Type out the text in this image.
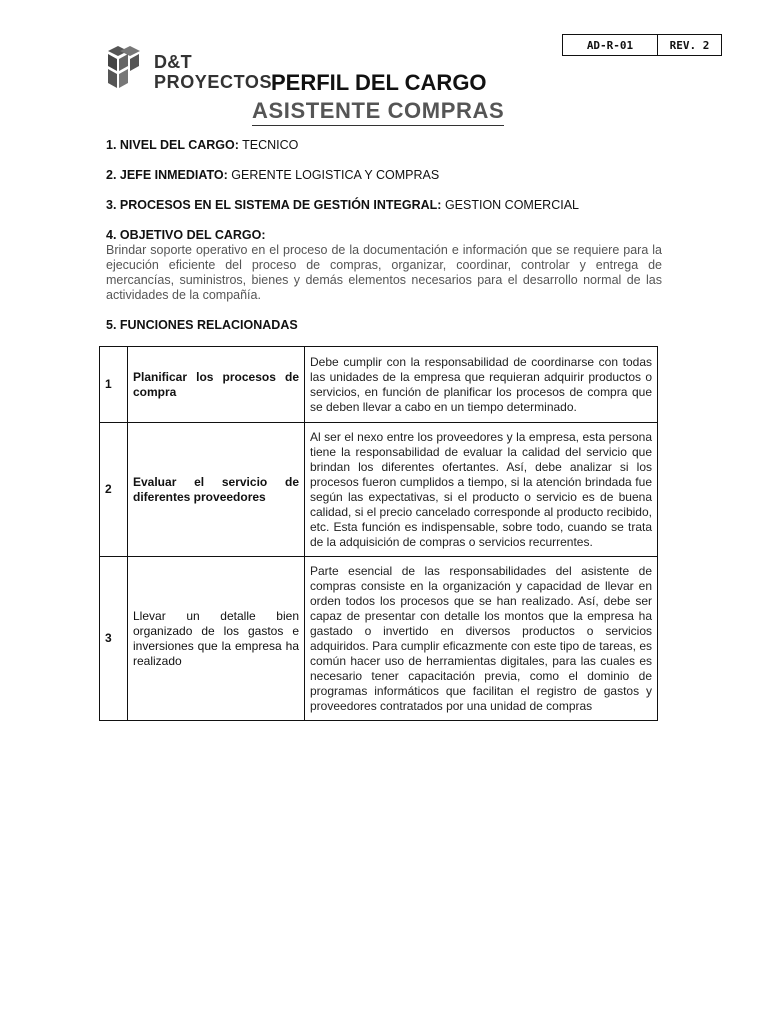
AD-R-01	REV. 2
D&T
PROYECTOS
PERFIL DEL CARGO
ASISTENTE COMPRAS
1. NIVEL DEL CARGO: TECNICO
2. JEFE INMEDIATO: GERENTE LOGISTICA Y COMPRAS
3. PROCESOS EN EL SISTEMA DE GESTIÓN INTEGRAL: GESTION COMERCIAL
4. OBJETIVO DEL CARGO:
Brindar soporte operativo en el proceso de la documentación e información que se requiere para la ejecución eficiente del proceso de compras, organizar, coordinar, controlar y entrega de mercancías, suministros, bienes y demás elementos necesarios para el desarrollo normal de las actividades de la compañía.
5. FUNCIONES RELACIONADAS
1	Planificar los procesos de compra	Debe cumplir con la responsabilidad de coordinarse con todas las unidades de la empresa que requieran adquirir productos o servicios, en función de planificar los procesos de compra que se deben llevar a cabo en un tiempo determinado.
2	Evaluar el servicio de diferentes proveedores	Al ser el nexo entre los proveedores y la empresa, esta persona tiene la responsabilidad de evaluar la calidad del servicio que brindan los diferentes ofertantes. Así, debe analizar si los procesos fueron cumplidos a tiempo, si la atención brindada fue según las expectativas, si el producto o servicio es de buena calidad, si el precio cancelado corresponde al producto recibido, etc. Esta función es indispensable, sobre todo, cuando se trata de la adquisición de compras o servicios recurrentes.
3	Llevar un detalle bien organizado de los gastos e inversiones que la empresa ha realizado	Parte esencial de las responsabilidades del asistente de compras consiste en la organización y capacidad de llevar en orden todos los procesos que se han realizado. Así, debe ser capaz de presentar con detalle los montos que la empresa ha gastado o invertido en diversos productos o servicios adquiridos. Para cumplir eficazmente con este tipo de tareas, es común hacer uso de herramientas digitales, para las cuales es necesario tener capacitación previa, como el dominio de programas informáticos que facilitan el registro de gastos y proveedores contratados por una unidad de compras
